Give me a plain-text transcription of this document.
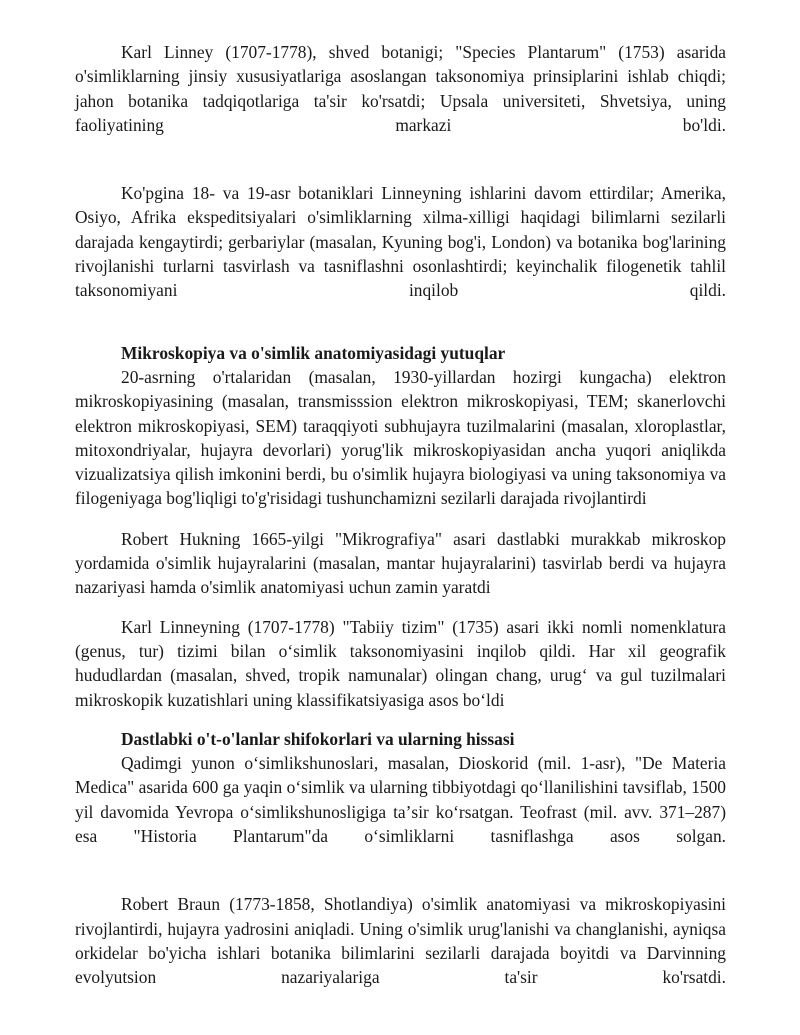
Karl Linney (1707-1778), shved botanigi; "Species Plantarum" (1753) asarida o'simliklarning jinsiy xususiyatlariga asoslangan taksonomiya prinsiplarini ishlab chiqdi; jahon botanika tadqiqotlariga ta'sir ko'rsatdi; Upsala universiteti, Shvetsiya, uning faoliyatining markazi bo'ldi.

Ko'pgina 18- va 19-asr botaniklari Linneyning ishlarini davom ettirdilar; Amerika, Osiyo, Afrika ekspeditsiyalari o'simliklarning xilma-xilligi haqidagi bilimlarni sezilarli darajada kengaytirdi; gerbariylar (masalan, Kyuning bog'i, London) va botanika bog'larining rivojlanishi turlarni tasvirlash va tasniflashni osonlashtirdi; keyinchalik filogenetik tahlil taksonomiyani inqilob qildi.

Mikroskopiya va o'simlik anatomiyasidagi yutuqlar

20-asrning o'rtalaridan (masalan, 1930-yillardan hozirgi kungacha) elektron mikroskopiyasining (masalan, transmisssion elektron mikroskopiyasi, TEM; skanerlovchi elektron mikroskopiyasi, SEM) taraqqiyoti subhujayra tuzilmalarini (masalan, xloroplastlar, mitoxondriyalar, hujayra devorlari) yorug'lik mikroskopiyasidan ancha yuqori aniqlikda vizualizatsiya qilish imkonini berdi, bu o'simlik hujayra biologiyasi va uning taksonomiya va filogeniyaga bog'liqligi to'g'risidagi tushunchamizni sezilarli darajada rivojlantirdi

Robert Hukning 1665-yilgi "Mikrografiya" asari dastlabki murakkab mikroskop yordamida o'simlik hujayralarini (masalan, mantar hujayralarini) tasvirlab berdi va hujayra nazariyasi hamda o'simlik anatomiyasi uchun zamin yaratdi

Karl Linneyning (1707-1778) "Tabiiy tizim" (1735) asari ikki nomli nomenklatura (genus, tur) tizimi bilan oʻsimlik taksonomiyasini inqilob qildi. Har xil geografik hududlardan (masalan, shved, tropik namunalar) olingan chang, urugʻ va gul tuzilmalari mikroskopik kuzatishlari uning klassifikatsiyasiga asos boʻldi

Dastlabki o't-o'lanlar shifokorlari va ularning hissasi

Qadimgi yunon oʻsimlikshunoslari, masalan, Dioskorid (mil. 1-asr), "De Materia Medica" asarida 600 ga yaqin oʻsimlik va ularning tibbiyotdagi qoʻllanilishini tavsiflab, 1500 yil davomida Yevropa oʻsimlikshunosligiga taʼsir koʻrsatgan. Teofrast (mil. avv. 371–287) esa "Historia Plantarum"da oʻsimliklarni tasniflashga asos solgan.

Robert Braun (1773-1858, Shotlandiya) o'simlik anatomiyasi va mikroskopiyasini rivojlantirdi, hujayra yadrosini aniqladi. Uning o'simlik urug'lanishi va changlanishi, ayniqsa orkidelar bo'yicha ishlari botanika bilimlarini sezilarli darajada boyitdi va Darvinning evolyutsion nazariyalariga ta'sir ko'rsatdi.
